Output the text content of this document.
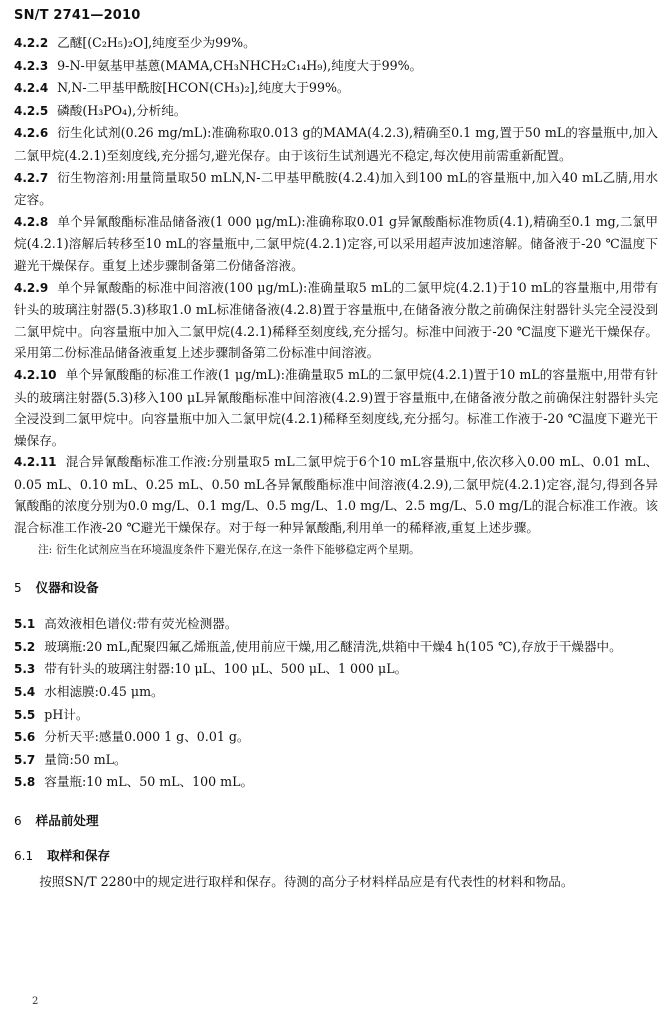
SN/T 2741—2010

4.2.2 乙醚[(C₂H₅)₂O],纯度至少为99%。

4.2.3 9-N-甲氨基甲基蒽(MAMA,CH₃NHCH₂C₁₄H₉),纯度大于99%。

4.2.4 N,N-二甲基甲酰胺[HCON(CH₃)₂],纯度大于99%。

4.2.5 磷酸(H₃PO₄),分析纯。

4.2.6 衍生化试剂(0.26 mg/mL):准确称取0.013 g的MAMA(4.2.3),精确至0.1 mg,置于50 mL的容量瓶中,加入二氯甲烷(4.2.1)至刻度线,充分摇匀,避光保存。由于该衍生试剂遇光不稳定,每次使用前需重新配置。

4.2.7 衍生物溶剂:用量筒量取50 mLN,N-二甲基甲酰胺(4.2.4)加入到100 mL的容量瓶中,加入40 mL乙腈,用水定容。

4.2.8 单个异氰酸酯标准品储备液(1 000 μg/mL):准确称取0.01 g异氰酸酯标准物质(4.1),精确至0.1 mg,二氯甲烷(4.2.1)溶解后转移至10 mL的容量瓶中,二氯甲烷(4.2.1)定容,可以采用超声波加速溶解。储备液于-20 ℃温度下避光干燥保存。重复上述步骤制备第二份储备溶液。

4.2.9 单个异氰酸酯的标准中间溶液(100 μg/mL):准确量取5 mL的二氯甲烷(4.2.1)于10 mL的容量瓶中,用带有针头的玻璃注射器(5.3)移取1.0 mL标准储备液(4.2.8)置于容量瓶中,在储备液分散之前确保注射器针头完全浸没到二氯甲烷中。向容量瓶中加入二氯甲烷(4.2.1)稀释至刻度线,充分摇匀。标准中间液于-20 ℃温度下避光干燥保存。采用第二份标准品储备液重复上述步骤制备第二份标准中间溶液。

4.2.10 单个异氰酸酯的标准工作液(1 μg/mL):准确量取5 mL的二氯甲烷(4.2.1)置于10 mL的容量瓶中,用带有针头的玻璃注射器(5.3)移入100 μL异氰酸酯标准中间溶液(4.2.9)置于容量瓶中,在储备液分散之前确保注射器针头完全浸没到二氯甲烷中。向容量瓶中加入二氯甲烷(4.2.1)稀释至刻度线,充分摇匀。标准工作液于-20 ℃温度下避光干燥保存。

4.2.11 混合异氰酸酯标准工作液:分别量取5 mL二氯甲烷于6个10 mL容量瓶中,依次移入0.00 mL、0.01 mL、0.05 mL、0.10 mL、0.25 mL、0.50 mL各异氰酸酯标准中间溶液(4.2.9),二氯甲烷(4.2.1)定容,混匀,得到各异氰酸酯的浓度分别为0.0 mg/L、0.1 mg/L、0.5 mg/L、1.0 mg/L、2.5 mg/L、5.0 mg/L的混合标准工作液。该混合标准工作液-20 ℃避光干燥保存。对于每一种异氰酸酯,利用单一的稀释液,重复上述步骤。

注: 衍生化试剂应当在环境温度条件下避光保存,在这一条件下能够稳定两个星期。

5 仪器和设备

5.1 高效液相色谱仪:带有荧光检测器。

5.2 玻璃瓶:20 mL,配聚四氟乙烯瓶盖,使用前应干燥,用乙醚清洗,烘箱中干燥4 h(105 ℃),存放于干燥器中。

5.3 带有针头的玻璃注射器:10 μL、100 μL、500 μL、1 000 μL。

5.4 水相滤膜:0.45 μm。

5.5 pH计。

5.6 分析天平:感量0.000 1 g、0.01 g。

5.7 量筒:50 mL。

5.8 容量瓶:10 mL、50 mL、100 mL。

6 样品前处理

6.1 取样和保存

按照SN/T 2280中的规定进行取样和保存。待测的高分子材料样品应是有代表性的材料和物品。

2
